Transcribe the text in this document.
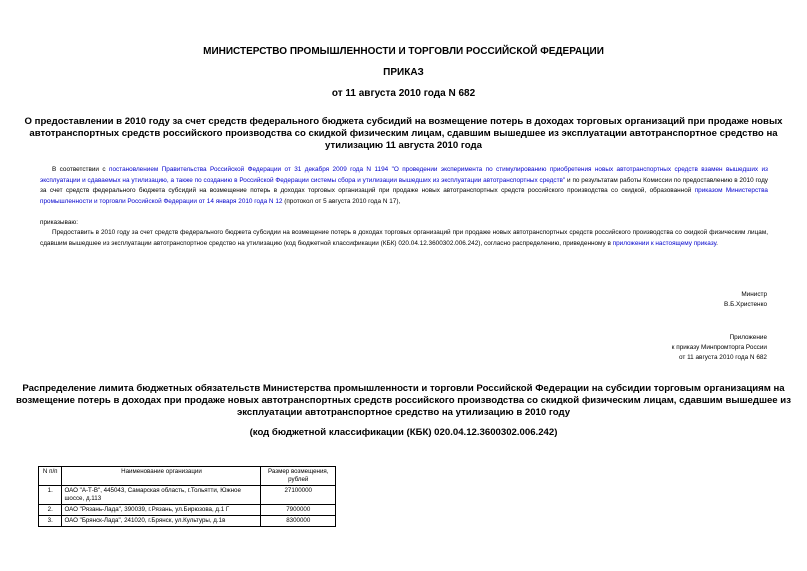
МИНИСТЕРСТВО ПРОМЫШЛЕННОСТИ И ТОРГОВЛИ РОССИЙСКОЙ ФЕДЕРАЦИИ
ПРИКАЗ
от 11 августа 2010 года N 682
О предоставлении в 2010 году за счет средств федерального бюджета субсидий на возмещение потерь в доходах торговых организаций при продаже новых
автотранспортных средств российского производства со скидкой физическим лицам, сдавшим вышедшее из эксплуатации автотранспортное средство на
утилизацию 11 августа 2010 года
В соответствии с постановлением Правительства Российской Федерации от 31 декабря 2009 года N 1194 "О проведении эксперимента по стимулированию приобретения новых автотранспортных средств взамен вышедших из эксплуатации и сдаваемых на утилизацию, а также по созданию в Российской Федерации системы сбора и утилизации вышедших из эксплуатации автотранспортных средств" и по результатам работы Комиссии по предоставлению в 2010 году за счет средств федерального бюджета субсидий на возмещение потерь в доходах торговых организаций при продаже новых автотранспортных средств российского производства со скидкой, образованной приказом Министерства промышленности и торговли Российской Федерации от 14 января 2010 года N 12 (протокол от 5 августа 2010 года N 17),
приказываю:
Предоставить в 2010 году за счет средств федерального бюджета субсидии на возмещение потерь в доходах торговых организаций при продаже новых автотранспортных средств российского производства со скидкой физическим лицам, сдавшим вышедшее из эксплуатации автотранспортное средство на утилизацию (код бюджетной классификации (КБК) 020.04.12.3600302.006.242), согласно распределению, приведенному в приложении к настоящему приказу.
Министр
В.Б.Христенко
Приложение
к приказу Минпромторга России
от 11 августа 2010 года N 682
Распределение лимита бюджетных обязательств Министерства промышленности и торговли Российской Федерации на субсидии торговым организациям на
возмещение потерь в доходах при продаже новых автотранспортных средств российского производства со скидкой физическим лицам, сдавшим вышедшее из
эксплуатации автотранспортное средство на утилизацию в 2010 году
(код бюджетной классификации (КБК) 020.04.12.3600302.006.242)
N п/п	Наименование организации	Размер возмещения, рублей
1.	ОАО "А-Т-В", 445043, Самарская область, г.Тольятти, Южное шоссе, д.113	27100000
2.	ОАО "Рязань-Лада", 390039, г.Рязань, ул.Бирюзова, д.1 Г	7900000
3.	ОАО "Брянск-Лада", 241020, г.Брянск, ул.Культуры, д.1в	8300000
